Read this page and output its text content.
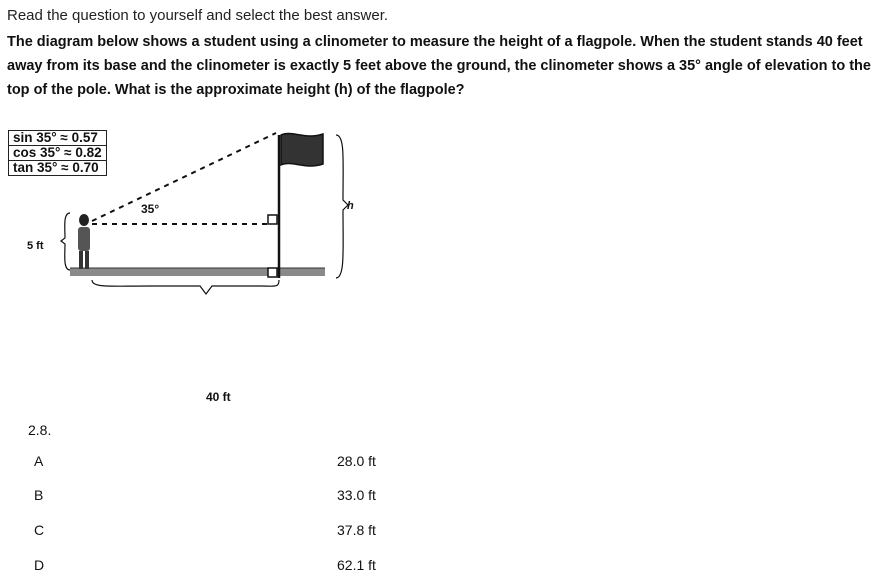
Read the question to yourself and select the best answer.
The diagram below shows a student using a clinometer to measure the height of a flagpole. When the student stands 40 feet away from its base and the clinometer is exactly 5 feet above the ground, the clinometer shows a 35° angle of elevation to the top of the pole. What is the approximate height (h) of the flagpole?
sin 35° ≈ 0.57
cos 35° ≈ 0.82
tan 35° ≈ 0.70
35°	h
5 ft
40 ft
2.8.
A	28.0 ft
B	33.0 ft
C	37.8 ft
D	62.1 ft
